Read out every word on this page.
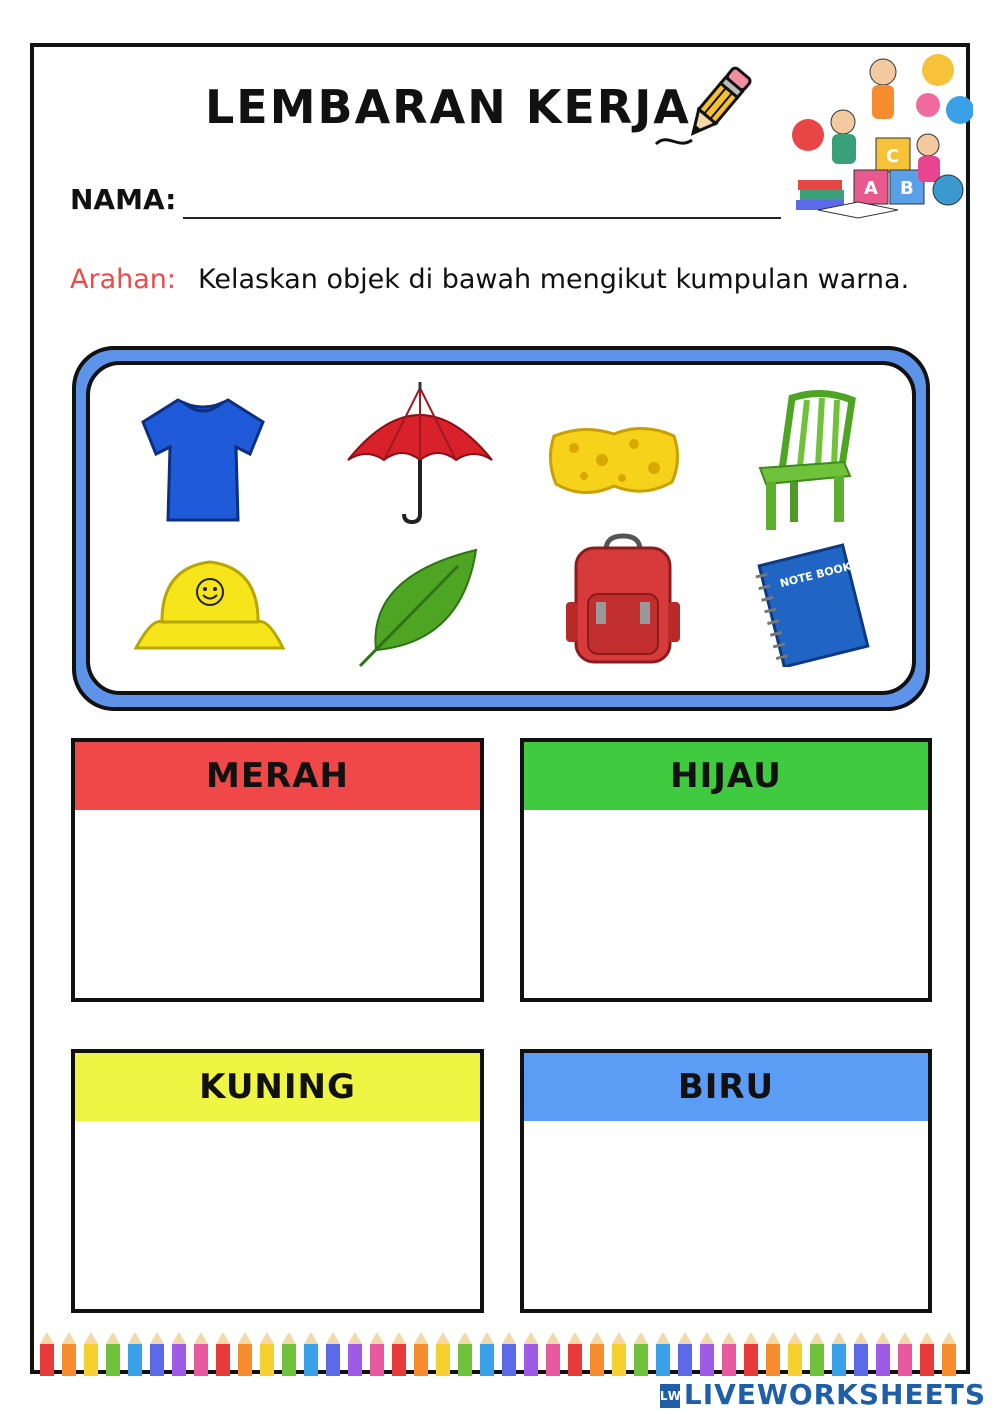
LEMBARAN KERJA
C
A B
NAMA:
Arahan: Kelaskan objek di bawah mengikut kumpulan warna.
NOTE BOOK
MERAH	HIJAU
KUNING	BIRU
LWLIVEWORKSHEETS
